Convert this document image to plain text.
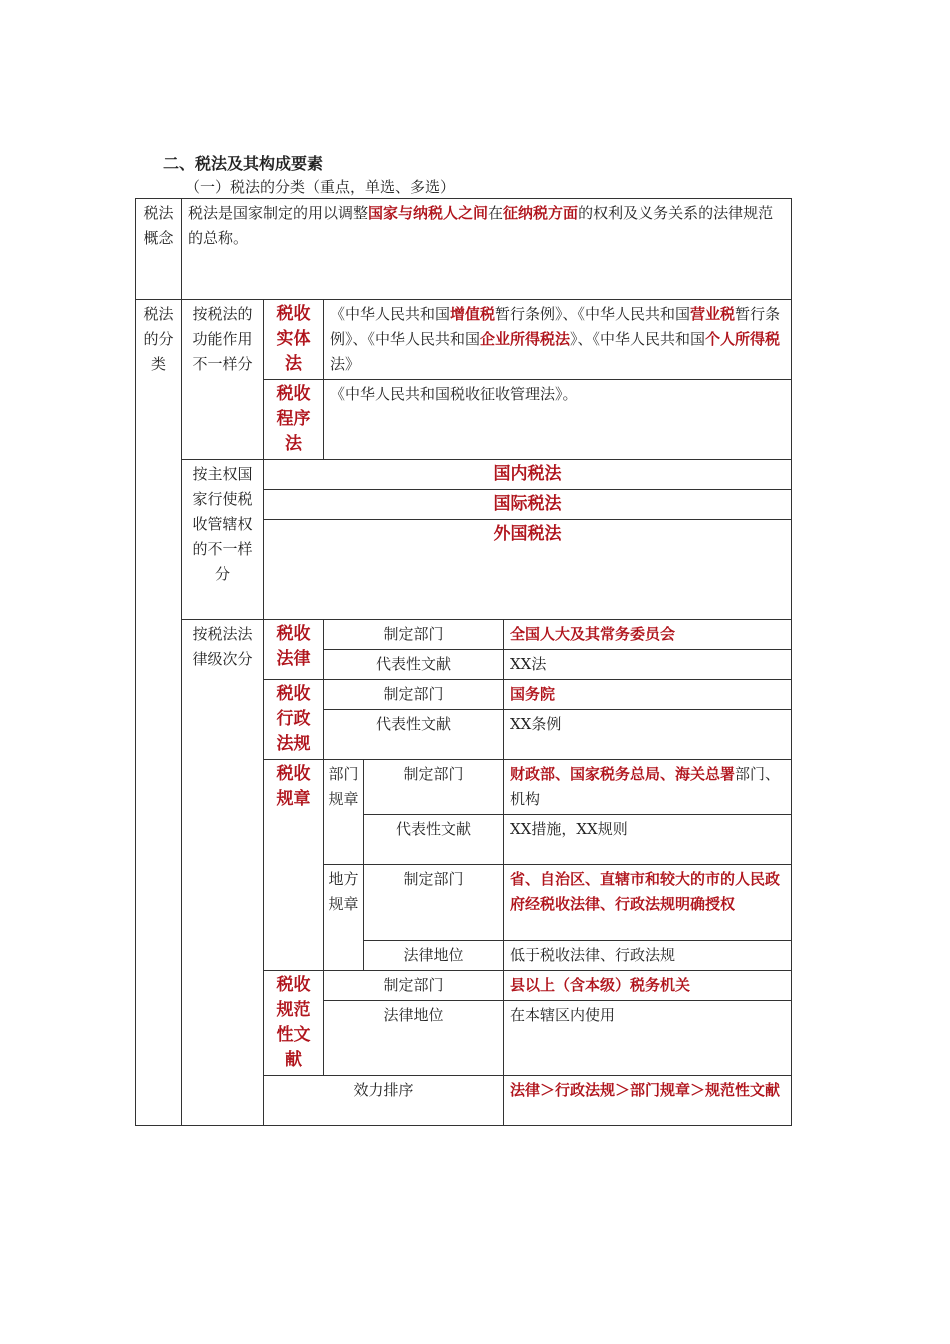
二、税法及其构成要素
（一）税法的分类（重点，单选、多选）
税法概念	税法是国家制定的用以调整国家与纳税人之间在征纳税方面的权利及义务关系的法律规范的总称。				
税法的分类	按税法的功能作用不一样分	税收实体法	《中华人民共和国增值税暂行条例》、《中华人民共和国营业税暂行条例》、《中华人民共和国企业所得税法》、《中华人民共和国个人所得税法》		
		税收程序法	《中华人民共和国税收征收管理法》。		
	按主权国家行使税收管辖权的不一样分	国内税法			
		国际税法			
		外国税法			
	按税法法律级次分	税收法律	制定部门		全国人大及其常务委员会
			代表性文献		XX法
		税收行政法规	制定部门		国务院
			代表性文献		XX条例
		税收规章	部门规章	制定部门	财政部、国家税务总局、海关总署部门、机构
				代表性文献	XX措施，XX规则
			地方规章	制定部门	省、自治区、直辖市和较大的市的人民政府经税收法律、行政法规明确授权
				法律地位	低于税收法律、行政法规
		税收规范性文献	制定部门		县以上（含本级）税务机关
			法律地位		在本辖区内使用
		效力排序			法律＞行政法规＞部门规章＞规范性文献
